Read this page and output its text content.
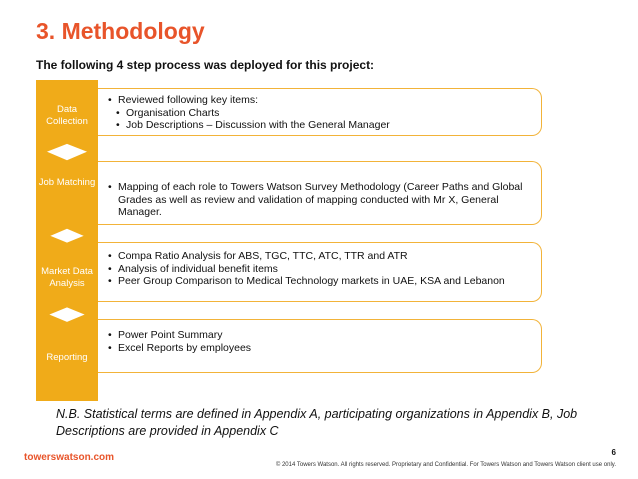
3. Methodology
The following 4 step process was deployed for this project:
Data Collection
• Reviewed following key items:
• Organisation Charts
• Job Descriptions – Discussion with the General Manager
Job Matching
•	Mapping of each role to Towers Watson Survey Methodology (Career Paths and Global Grades as well as review and validation of mapping conducted with Mr X, General Manager.
Market Data Analysis
• Compa Ratio Analysis for ABS, TGC, TTC, ATC, TTR and ATR
• Analysis of individual benefit items
• Peer Group Comparison to Medical Technology markets in UAE, KSA and Lebanon
Reporting
• Power Point Summary
• Excel Reports by employees
N.B. Statistical terms are defined in Appendix A, participating organizations in Appendix B, Job Descriptions are provided in Appendix C
towerswatson.com	6
© 2014 Towers Watson. All rights reserved. Proprietary and Confidential. For Towers Watson and Towers Watson client use only.
